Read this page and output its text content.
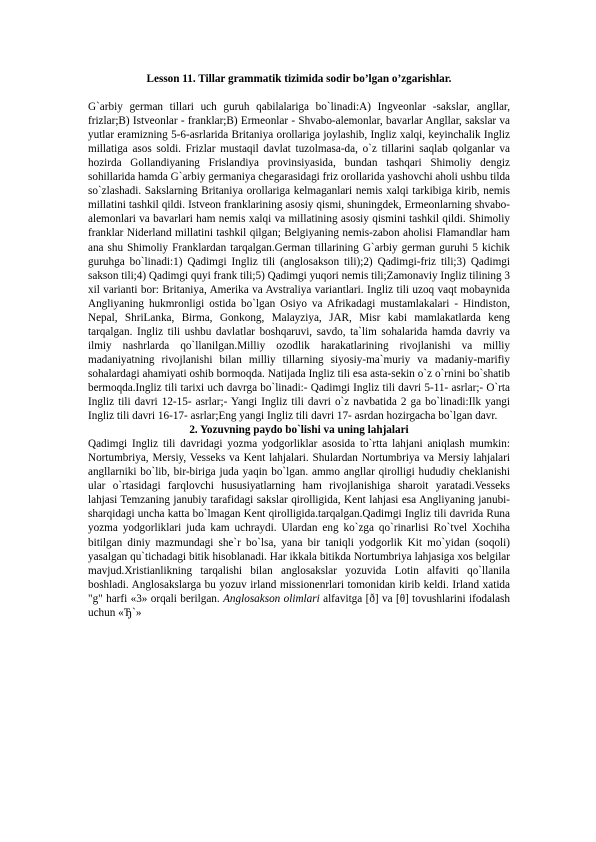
Lesson 11. Tillar grammatik tizimida sodir bo’lgan o’zgarishlar.
G`arbiy german tillari uch guruh qabilalariga bo`linadi:A) Ingveonlar -sakslar, angllar, frizlar;B) Istveonlar - franklar;B) Ermeonlar - Shvabo-alemonlar, bavarlar Angllar, sakslar va yutlar eramizning 5-6-asrlarida Britaniya orollariga joylashib, Ingliz xalqi, keyinchalik Ingliz millatiga asos soldi. Frizlar mustaqil davlat tuzolmasa-da, o`z tillarini saqlab qolganlar va hozirda Gollandiyaning Frislandiya provinsiyasida, bundan tashqari Shimoliy dengiz sohillarida hamda G`arbiy germaniya chegarasidagi friz orollarida yashovchi aholi ushbu tilda so`zlashadi. Sakslarning Britaniya orollariga kelmaganlari nemis xalqi tarkibiga kirib, nemis millatini tashkil qildi. Istveon franklarining asosiy qismi, shuningdek, Ermeonlarning shvabo-alemonlari va bavarlari ham nemis xalqi va millatining asosiy qismini tashkil qildi. Shimoliy franklar Niderland millatini tashkil qilgan; Belgiyaning nemis-zabon aholisi Flamandlar ham ana shu Shimoliy Franklardan tarqalgan.German tillarining G`arbiy german guruhi 5 kichik guruhga bo`linadi:1) Qadimgi Ingliz tili (anglosakson tili);2) Qadimgi-friz tili;3) Qadimgi sakson tili;4) Qadimgi quyi frank tili;5) Qadimgi yuqori nemis tili;Zamonaviy Ingliz tilining 3 xil varianti bor: Britaniya, Amerika va Avstraliya variantlari. Ingliz tili uzoq vaqt mobaynida Angliyaning hukmronligi ostida bo`lgan Osiyo va Afrikadagi mustamlakalari - Hindiston, Nepal, ShriLanka, Birma, Gonkong, Malayziya, JAR, Misr kabi mamlakatlarda keng tarqalgan. Ingliz tili ushbu davlatlar boshqaruvi, savdo, ta`lim sohalarida hamda davriy va ilmiy nashrlarda qo`llanilgan.Milliy ozodlik harakatlarining rivojlanishi va milliy madaniyatning rivojlanishi bilan milliy tillarning siyosiy-ma`muriy va madaniy-marifiy sohalardagi ahamiyati oshib bormoqda. Natijada Ingliz tili esa asta-sekin o`z o`rnini bo`shatib bermoqda.Ingliz tili tarixi uch davrga bo`linadi:- Qadimgi Ingliz tili davri 5-11- asrlar;- O`rta Ingliz tili davri 12-15- asrlar;- Yangi Ingliz tili davri o`z navbatida 2 ga bo`linadi:Ilk yangi Ingliz tili davri 16-17- asrlar;Eng yangi Ingliz tili davri 17- asrdan hozirgacha bo`lgan davr.
2. Yozuvning paydo bo`lishi va uning lahjalari
Qadimgi Ingliz tili davridagi yozma yodgorliklar asosida to`rtta lahjani aniqlash mumkin: Nortumbriya, Mersiy, Vesseks va Kent lahjalari. Shulardan Nortumbriya va Mersiy lahjalari angllarniki bo`lib, bir-biriga juda yaqin bo`lgan. ammo angllar qirolligi hududiy cheklanishi ular o`rtasidagi farqlovchi hususiyatlarning ham rivojlanishiga sharoit yaratadi.Vesseks lahjasi Temzaning janubiy tarafidagi sakslar qirolligida, Kent lahjasi esa Angliyaning janubi-sharqidagi uncha katta bo`lmagan Kent qirolligida.tarqalgan.Qadimgi Ingliz tili davrida Runa yozma yodgorliklari juda kam uchraydi. Ulardan eng ko`zga qo`rinarlisi Ro`tvel Xochiha bitilgan diniy mazmundagi she`r bo`lsa, yana bir taniqli yodgorlik Kit mo`yidan (soqoli) yasalgan qu`tichadagi bitik hisoblanadi. Har ikkala bitikda Nortumbriya lahjasiga xos belgilar mavjud.Xristianlikning tarqalishi bilan anglosakslar yozuvida Lotin alfaviti qo`llanila boshladi. Anglosakslarga bu yozuv irland missionenrlari tomonidan kirib keldi. Irland xatida "g" harfi «3» orqali berilgan. Anglosakson olimlari alfavitga [ð] va [θ] tovushlarini ifodalash uchun «Ђ`»
